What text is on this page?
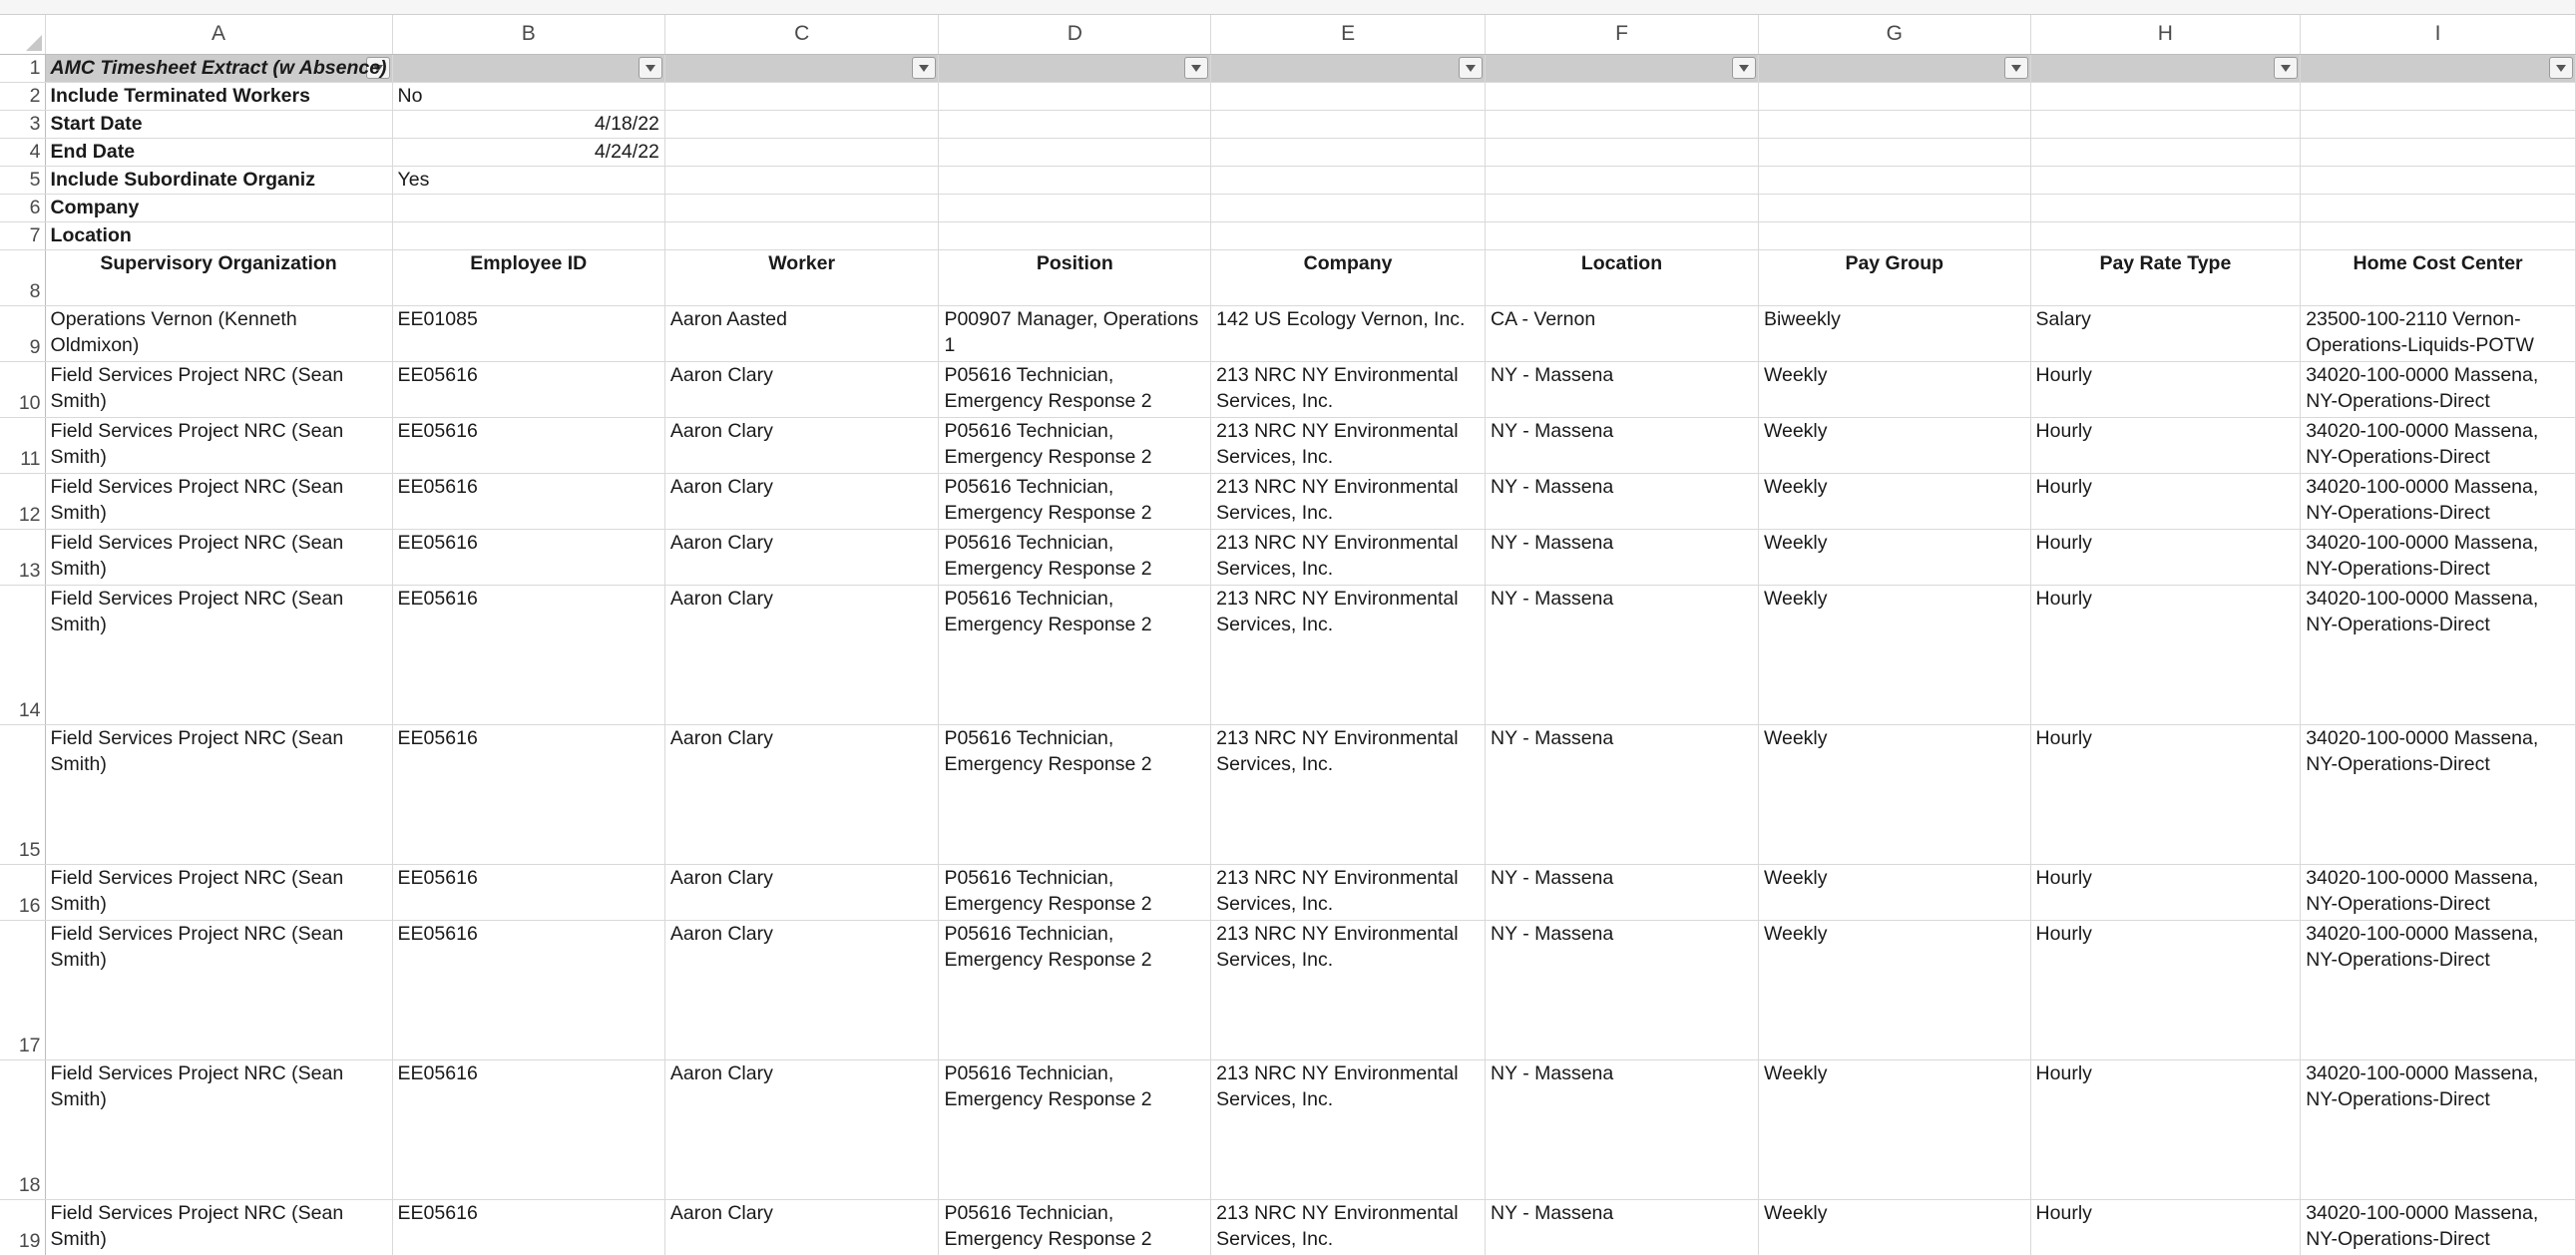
	A	B	C	D	E	F	G	H	I
1	AMC Timesheet Extract (w Absence)

2	Include Terminated Workers	No							
3	Start Date	4/18/22							
4	End Date	4/24/22							
5	Include Subordinate Organiz	Yes							
6	Company								
7	Location								
8	Supervisory Organization	Employee ID	Worker	Position	Company	Location	Pay Group	Pay Rate Type	Home Cost Center
9	Operations Vernon (Kenneth Oldmixon)	EE01085	Aaron Aasted	P00907 Manager, Operations 1	142 US Ecology Vernon, Inc.	CA - Vernon	Biweekly	Salary	23500-100-2110 Vernon-Operations-Liquids-POTW
10	Field Services Project NRC (Sean Smith)	EE05616	Aaron Clary	P05616 Technician, Emergency Response 2	213 NRC NY Environmental Services, Inc.	NY - Massena	Weekly	Hourly	34020-100-0000 Massena, NY-Operations-Direct
11	Field Services Project NRC (Sean Smith)	EE05616	Aaron Clary	P05616 Technician, Emergency Response 2	213 NRC NY Environmental Services, Inc.	NY - Massena	Weekly	Hourly	34020-100-0000 Massena, NY-Operations-Direct
12	Field Services Project NRC (Sean Smith)	EE05616	Aaron Clary	P05616 Technician, Emergency Response 2	213 NRC NY Environmental Services, Inc.	NY - Massena	Weekly	Hourly	34020-100-0000 Massena, NY-Operations-Direct
13	Field Services Project NRC (Sean Smith)	EE05616	Aaron Clary	P05616 Technician, Emergency Response 2	213 NRC NY Environmental Services, Inc.	NY - Massena	Weekly	Hourly	34020-100-0000 Massena, NY-Operations-Direct
14	Field Services Project NRC (Sean Smith)	EE05616	Aaron Clary	P05616 Technician, Emergency Response 2	213 NRC NY Environmental Services, Inc.	NY - Massena	Weekly	Hourly	34020-100-0000 Massena, NY-Operations-Direct
15	Field Services Project NRC (Sean Smith)	EE05616	Aaron Clary	P05616 Technician, Emergency Response 2	213 NRC NY Environmental Services, Inc.	NY - Massena	Weekly	Hourly	34020-100-0000 Massena, NY-Operations-Direct
16	Field Services Project NRC (Sean Smith)	EE05616	Aaron Clary	P05616 Technician, Emergency Response 2	213 NRC NY Environmental Services, Inc.	NY - Massena	Weekly	Hourly	34020-100-0000 Massena, NY-Operations-Direct
17	Field Services Project NRC (Sean Smith)	EE05616	Aaron Clary	P05616 Technician, Emergency Response 2	213 NRC NY Environmental Services, Inc.	NY - Massena	Weekly	Hourly	34020-100-0000 Massena, NY-Operations-Direct
18	Field Services Project NRC (Sean Smith)	EE05616	Aaron Clary	P05616 Technician, Emergency Response 2	213 NRC NY Environmental Services, Inc.	NY - Massena	Weekly	Hourly	34020-100-0000 Massena, NY-Operations-Direct
19	Field Services Project NRC (Sean Smith)	EE05616	Aaron Clary	P05616 Technician, Emergency Response 2	213 NRC NY Environmental Services, Inc.	NY - Massena	Weekly	Hourly	34020-100-0000 Massena, NY-Operations-Direct
